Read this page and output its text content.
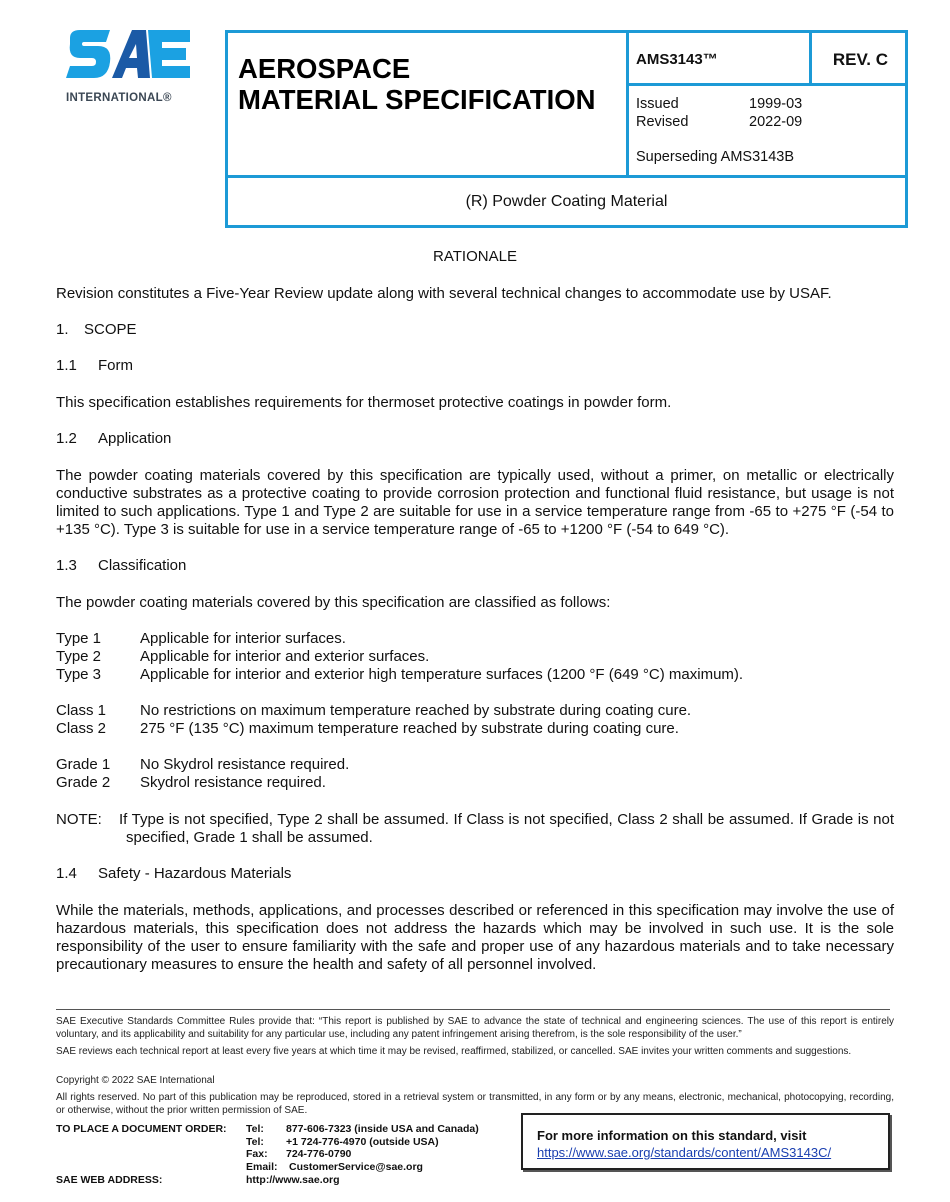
INTERNATIONAL®
AEROSPACE
MATERIAL SPECIFICATION
AMS3143™	REV. C
Issued	1999-03
Revised	2022-09
Superseding AMS3143B
(R) Powder Coating Material
RATIONALE
Revision constitutes a Five-Year Review update along with several technical changes to accommodate use by USAF.
1. SCOPE
1.1 Form
This specification establishes requirements for thermoset protective coatings in powder form.
1.2 Application
The powder coating materials covered by this specification are typically used, without a primer, on metallic or electrically conductive substrates as a protective coating to provide corrosion protection and functional fluid resistance, but usage is not limited to such applications. Type 1 and Type 2 are suitable for use in a service temperature range from -65 to +275 °F (-54 to +135 °C). Type 3 is suitable for use in a service temperature range of -65 to +1200 °F (-54 to 649 °C).
1.3 Classification
The powder coating materials covered by this specification are classified as follows:
Type 1	Applicable for interior surfaces.
Type 2	Applicable for interior and exterior surfaces.
Type 3	Applicable for interior and exterior high temperature surfaces (1200 °F (649 °C) maximum).
Class 1	No restrictions on maximum temperature reached by substrate during coating cure.
Class 2	275 °F (135 °C) maximum temperature reached by substrate during coating cure.
Grade 1	No Skydrol resistance required.
Grade 2	Skydrol resistance required.
NOTE: If Type is not specified, Type 2 shall be assumed. If Class is not specified, Class 2 shall be assumed. If Grade is not specified, Grade 1 shall be assumed.
1.4 Safety - Hazardous Materials
While the materials, methods, applications, and processes described or referenced in this specification may involve the use of hazardous materials, this specification does not address the hazards which may be involved in such use. It is the sole responsibility of the user to ensure familiarity with the safe and proper use of any hazardous materials and to take necessary precautionary measures to ensure the health and safety of all personnel involved.
SAE Executive Standards Committee Rules provide that: “This report is published by SAE to advance the state of technical and engineering sciences. The use of this report is entirely voluntary, and its applicability and suitability for any particular use, including any patent infringement arising therefrom, is the sole responsibility of the user.”
SAE reviews each technical report at least every five years at which time it may be revised, reaffirmed, stabilized, or cancelled. SAE invites your written comments and suggestions.
Copyright © 2022 SAE International
All rights reserved. No part of this publication may be reproduced, stored in a retrieval system or transmitted, in any form or by any means, electronic, mechanical, photocopying, recording, or otherwise, without the prior written permission of SAE.
TO PLACE A DOCUMENT ORDER:	Tel:	877-606-7323 (inside USA and Canada)
Tel:	+1 724-776-4970 (outside USA)
Fax:	724-776-0790
Email:	CustomerService@sae.org
SAE WEB ADDRESS:	http://www.sae.org
For more information on this standard, visit
https://www.sae.org/standards/content/AMS3143C/
